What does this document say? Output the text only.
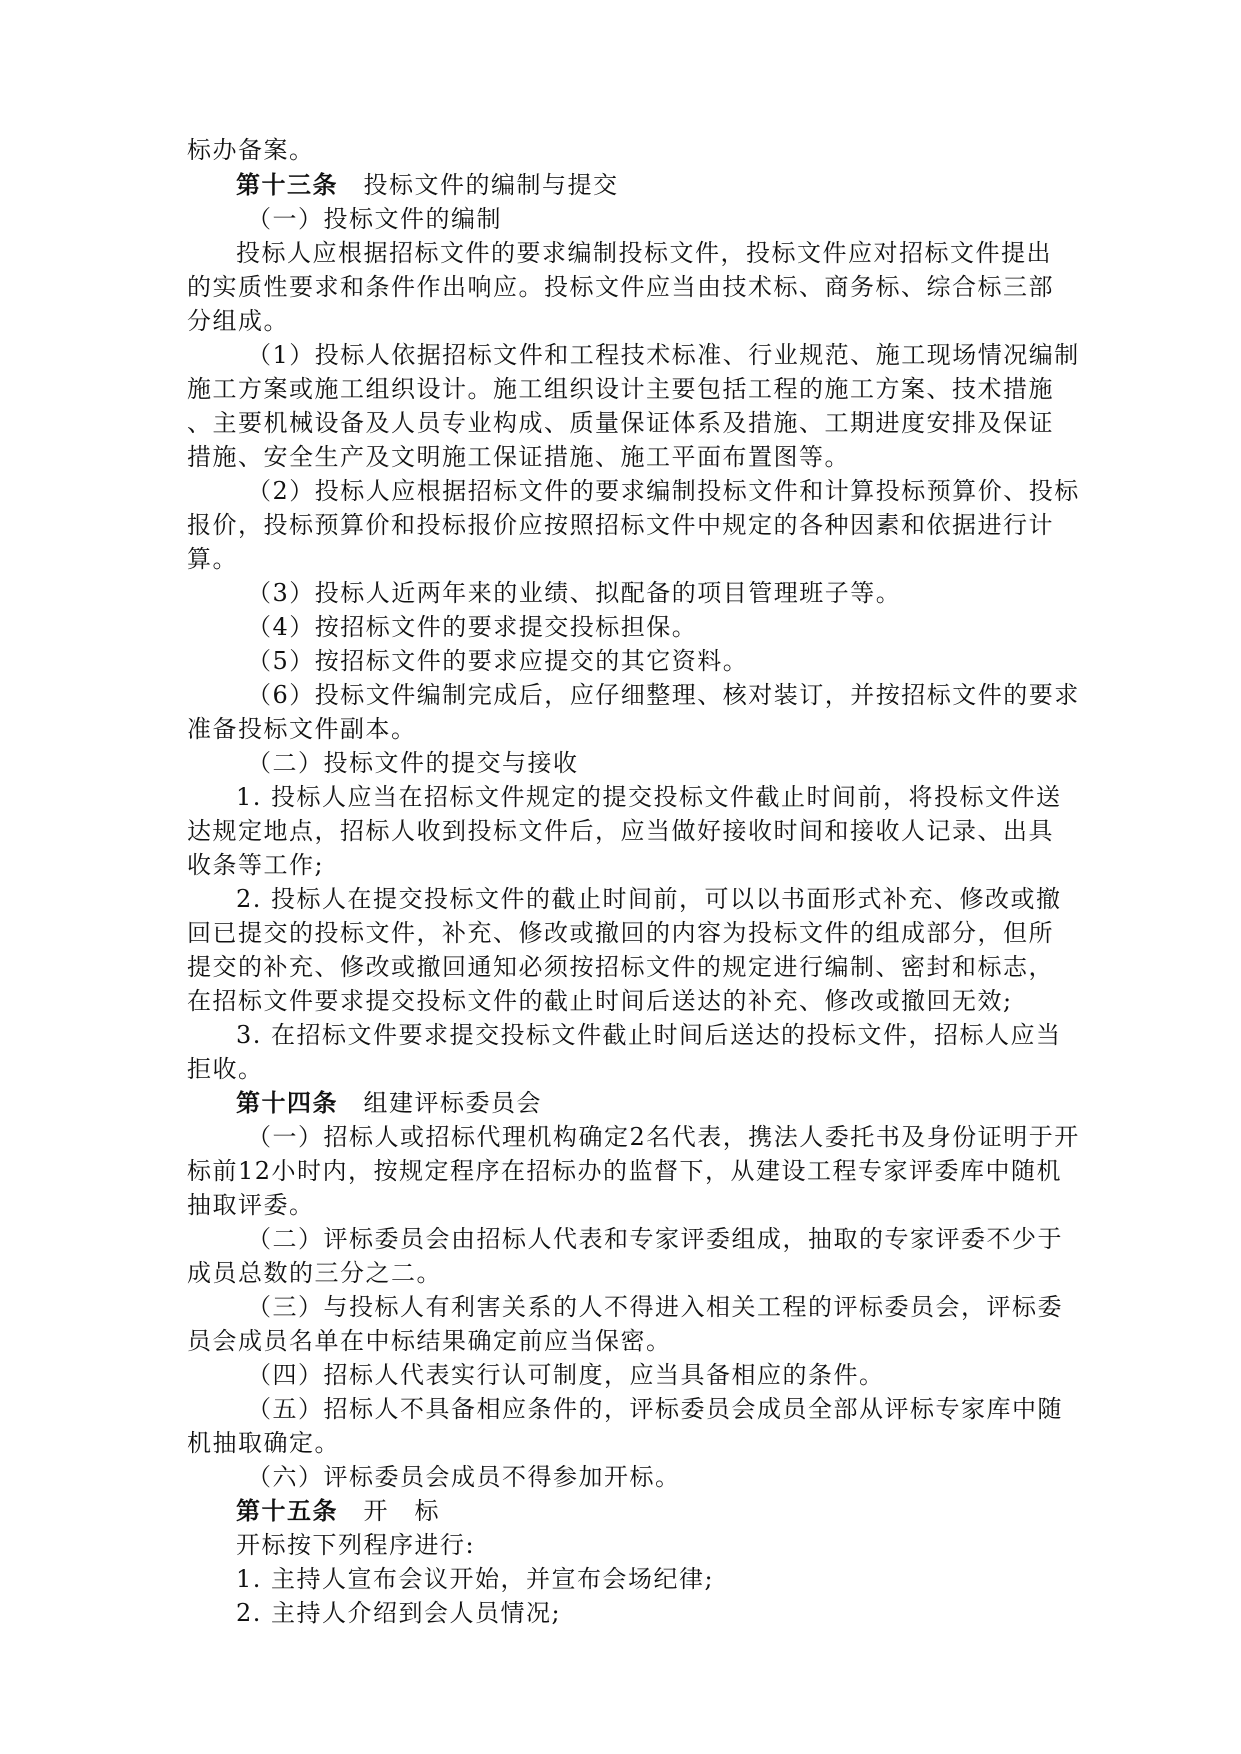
标办备案。
第十三条　投标文件的编制与提交
（一）投标文件的编制
投标人应根据招标文件的要求编制投标文件，投标文件应对招标文件提出
的实质性要求和条件作出响应。投标文件应当由技术标、商务标、综合标三部
分组成。
（1）投标人依据招标文件和工程技术标准、行业规范、施工现场情况编制
施工方案或施工组织设计。施工组织设计主要包括工程的施工方案、技术措施
、主要机械设备及人员专业构成、质量保证体系及措施、工期进度安排及保证
措施、安全生产及文明施工保证措施、施工平面布置图等。
（2）投标人应根据招标文件的要求编制投标文件和计算投标预算价、投标
报价，投标预算价和投标报价应按照招标文件中规定的各种因素和依据进行计
算。
（3）投标人近两年来的业绩、拟配备的项目管理班子等。
（4）按招标文件的要求提交投标担保。
（5）按招标文件的要求应提交的其它资料。
（6）投标文件编制完成后，应仔细整理、核对装订，并按招标文件的要求
准备投标文件副本。
（二）投标文件的提交与接收
1. 投标人应当在招标文件规定的提交投标文件截止时间前，将投标文件送
达规定地点，招标人收到投标文件后，应当做好接收时间和接收人记录、出具
收条等工作;
2. 投标人在提交投标文件的截止时间前，可以以书面形式补充、修改或撤
回已提交的投标文件，补充、修改或撤回的内容为投标文件的组成部分，但所
提交的补充、修改或撤回通知必须按招标文件的规定进行编制、密封和标志，
在招标文件要求提交投标文件的截止时间后送达的补充、修改或撤回无效;
3. 在招标文件要求提交投标文件截止时间后送达的投标文件，招标人应当
拒收。
第十四条　组建评标委员会
（一）招标人或招标代理机构确定2名代表，携法人委托书及身份证明于开
标前12小时内，按规定程序在招标办的监督下，从建设工程专家评委库中随机
抽取评委。
（二）评标委员会由招标人代表和专家评委组成，抽取的专家评委不少于
成员总数的三分之二。
（三）与投标人有利害关系的人不得进入相关工程的评标委员会，评标委
员会成员名单在中标结果确定前应当保密。
（四）招标人代表实行认可制度，应当具备相应的条件。
（五）招标人不具备相应条件的，评标委员会成员全部从评标专家库中随
机抽取确定。
（六）评标委员会成员不得参加开标。
第十五条　开　标
开标按下列程序进行:
1. 主持人宣布会议开始，并宣布会场纪律;
2. 主持人介绍到会人员情况;
